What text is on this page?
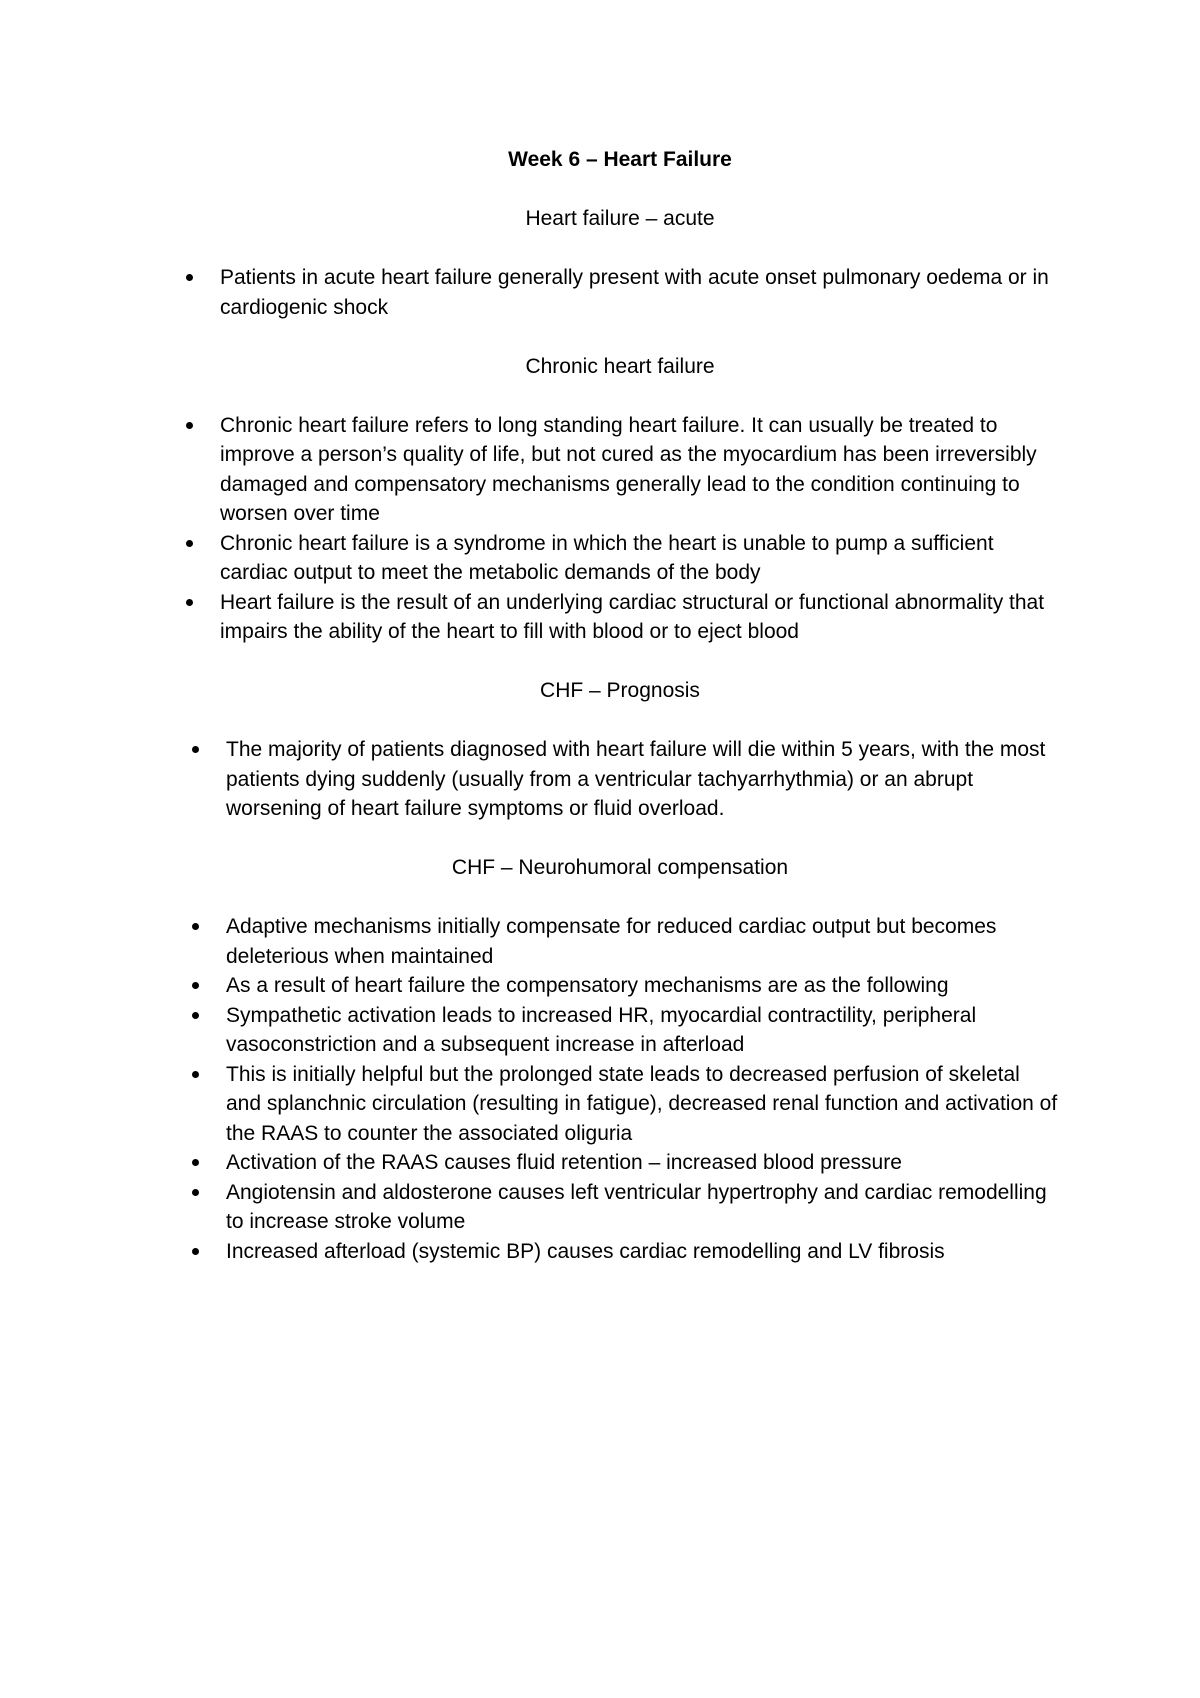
Week 6 – Heart Failure

Heart failure – acute

Patients in acute heart failure generally present with acute onset pulmonary oedema or in cardiogenic shock

Chronic heart failure

Chronic heart failure refers to long standing heart failure. It can usually be treated to improve a person’s quality of life, but not cured as the myocardium has been irreversibly damaged and compensatory mechanisms generally lead to the condition continuing to worsen over time
Chronic heart failure is a syndrome in which the heart is unable to pump a sufficient cardiac output to meet the metabolic demands of the body
Heart failure is the result of an underlying cardiac structural or functional abnormality that impairs the ability of the heart to fill with blood or to eject blood

CHF – Prognosis

The majority of patients diagnosed with heart failure will die within 5 years, with the most patients dying suddenly (usually from a ventricular tachyarrhythmia) or an abrupt worsening of heart failure symptoms or fluid overload.

CHF – Neurohumoral compensation

Adaptive mechanisms initially compensate for reduced cardiac output but becomes deleterious when maintained
As a result of heart failure the compensatory mechanisms are as the following
Sympathetic activation leads to increased HR, myocardial contractility, peripheral vasoconstriction and a subsequent increase in afterload
This is initially helpful but the prolonged state leads to decreased perfusion of skeletal and splanchnic circulation (resulting in fatigue), decreased renal function and activation of the RAAS to counter the associated oliguria
Activation of the RAAS causes fluid retention – increased blood pressure
Angiotensin and aldosterone causes left ventricular hypertrophy and cardiac remodelling to increase stroke volume
Increased afterload (systemic BP) causes cardiac remodelling and LV fibrosis
